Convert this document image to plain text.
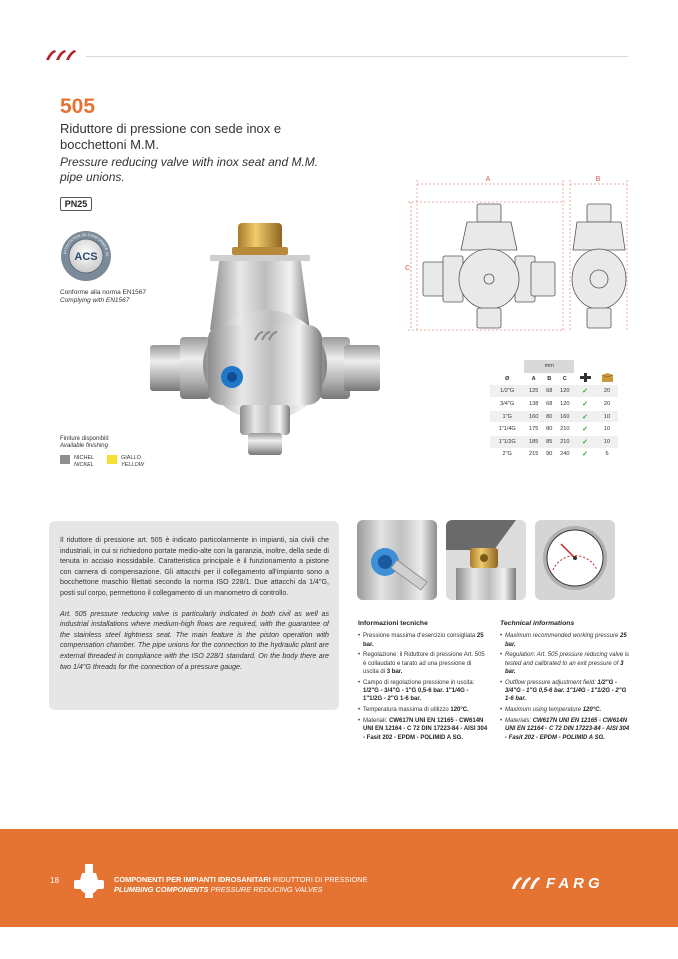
505
Riduttore di pressione con sede inox e bocchettoni M.M.
Pressure reducing valve with inox seat and M.M. pipe unions.
PN25
ACS
ATTESTATION DE CONFORMITE SA
Conforme alla norma EN1567
Complying with EN1567
A	B
C
	mm				
Ø	A	B	C		
1/2"G	125	68	120	✓	20
3/4"G	138	68	120	✓	20
1"G	160	80	160	✓	10
1"1/4G	175	80	210	✓	10
1"1/2G	185	85	210	✓	10
2"G	215	90	240	✓	6

Il riduttore di pressione art. 505 è indicato particolarmente in impianti, sia civili che industriali, in cui si richiedono portate medio-alte con la garanzia, inoltre, della sede di tenuta in acciaio inossidabile. Caratteristica principale è il funzionamento a pistone con camera di compensazione. Gli attacchi per il collegamento all'impianto sono a bocchettone maschio filettati secondo la norma ISO 228/1. Due attacchi da 1/4"G, posti sul corpo, permettono il collegamento di un manometro di controllo.

Art. 505 pressure reducing valve is particularly indicated in both civil as well as industrial installations where medium-high flows are required, with the guarantee of the stainless steel tightness seat. The main feature is the piston operation with compensation chamber. The pipe unions for the connection to the hydraulic plant are external threaded in compliance with the ISO 228/1 standard. On the body there are two 1/4"G threads for the connection of a pressure gauge.

Informazioni tecniche
• Pressione massima d'esercizio consigliata 25 bar.
• Regolazione: il Riduttore di pressione Art. 505 è collaudato e tarato ad una pressione di uscita di 3 bar.
• Campo di regolazione pressione in uscita: 1/2"G - 3/4"G - 1"G 0,5-6 bar. 1"1/4G - 1"1/2G - 2"G 1-6 bar.
• Temperatura massima di utilizzo 120°C.
• Materiali: CW617N UNI EN 12165 - CW614N UNI EN 12164 - C 72 DIN 17223-84 - AISI 304 - Fasit 202 - EPDM - POLIMID A SG.
Technical informations
• Maximum recommended working pressure 25 bar.
• Regulation: Art. 505 pressure reducing valve is tested and calibrated to an exit pressure of 3 bar.
• Outflow pressure adjustment field: 1/2"G - 3/4"G - 1"G 0,5-6 bar. 1"1/4G - 1"1/2G - 2"G 1-6 bar.
• Maximum using temperature 120°C.
• Materials: CW617N UNI EN 12165 - CW614N UNI EN 12164 - C 72 DIN 17223-84 - AISI 304 - Fasit 202 - EPDM - POLIMID A SG.
Finiture disponibili:
Available finishing
NICHEL
NICKEL
GIALLO
YELLOW
18	COMPONENTI PER IMPIANTI IDROSANITARI RIDUTTORI DI PRESSIONE
PLUMBING COMPONENTS PRESSURE REDUCING VALVES	FARG
